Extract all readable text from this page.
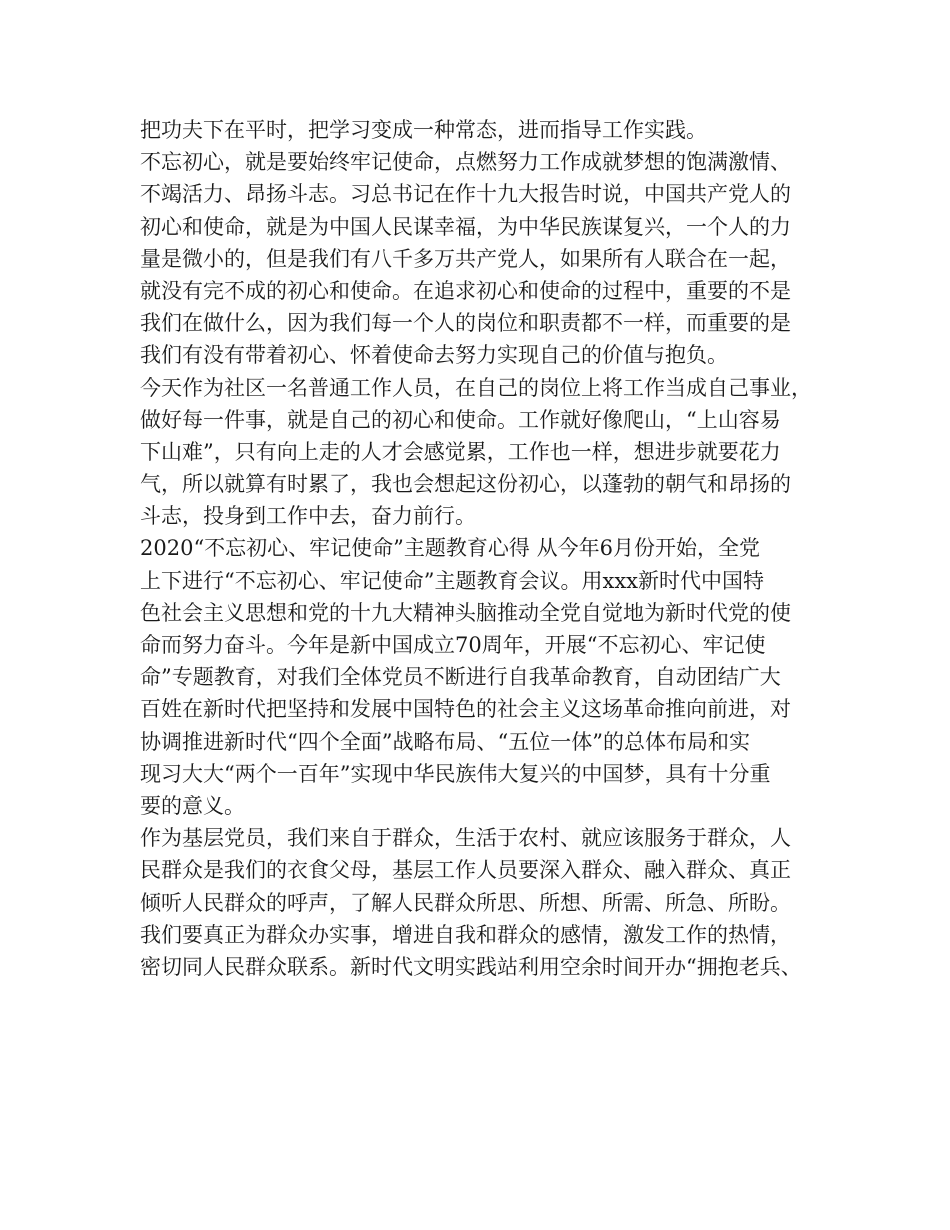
把功夫下在平时，把学习变成一种常态，进而指导工作实践。
不忘初心，就是要始终牢记使命，点燃努力工作成就梦想的饱满激情、
不竭活力、昂扬斗志。习总书记在作十九大报告时说，中国共产党人的
初心和使命，就是为中国人民谋幸福，为中华民族谋复兴，一个人的力
量是微小的，但是我们有八千多万共产党人，如果所有人联合在一起，
就没有完不成的初心和使命。在追求初心和使命的过程中，重要的不是
我们在做什么，因为我们每一个人的岗位和职责都不一样，而重要的是
我们有没有带着初心、怀着使命去努力实现自己的价值与抱负。
今天作为社区一名普通工作人员，在自己的岗位上将工作当成自己事业，
做好每一件事，就是自己的初心和使命。工作就好像爬山，“上山容易
下山难”，只有向上走的人才会感觉累，工作也一样，想进步就要花力
气，所以就算有时累了，我也会想起这份初心，以蓬勃的朝气和昂扬的
斗志，投身到工作中去，奋力前行。
2020“不忘初心、牢记使命”主题教育心得 从今年6月份开始，全党
上下进行“不忘初心、牢记使命”主题教育会议。用xxx新时代中国特
色社会主义思想和党的十九大精神头脑推动全党自觉地为新时代党的使
命而努力奋斗。今年是新中国成立70周年，开展“不忘初心、牢记使
命”专题教育，对我们全体党员不断进行自我革命教育，自动团结广大
百姓在新时代把坚持和发展中国特色的社会主义这场革命推向前进，对
协调推进新时代“四个全面”战略布局、“五位一体”的总体布局和实
现习大大“两个一百年”实现中华民族伟大复兴的中国梦，具有十分重
要的意义。
作为基层党员，我们来自于群众，生活于农村、就应该服务于群众，人
民群众是我们的衣食父母，基层工作人员要深入群众、融入群众、真正
倾听人民群众的呼声，了解人民群众所思、所想、所需、所急、所盼。
我们要真正为群众办实事，增进自我和群众的感情，激发工作的热情，
密切同人民群众联系。新时代文明实践站利用空余时间开办“拥抱老兵、
